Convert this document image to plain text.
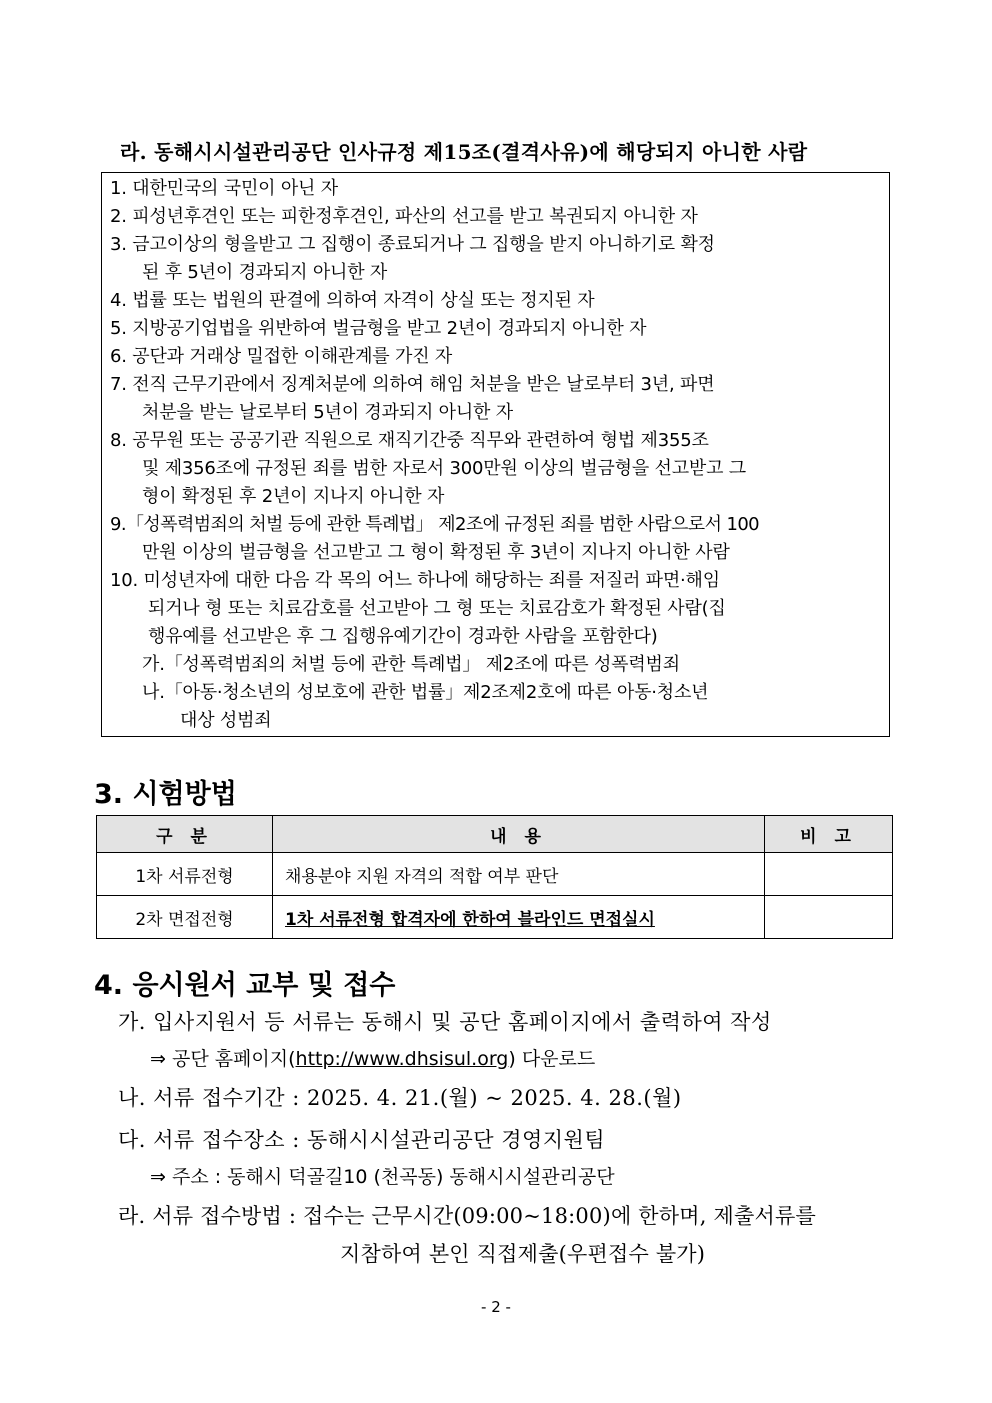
라. 동해시시설관리공단 인사규정 제15조(결격사유)에 해당되지 아니한 사람
1. 대한민국의 국민이 아닌 자
2. 피성년후견인 또는 피한정후견인, 파산의 선고를 받고 복권되지 아니한 자
3. 금고이상의 형을받고 그 집행이 종료되거나 그 집행을 받지 아니하기로 확정
된 후 5년이 경과되지 아니한 자
4. 법률 또는 법원의 판결에 의하여 자격이 상실 또는 정지된 자
5. 지방공기업법을 위반하여 벌금형을 받고 2년이 경과되지 아니한 자
6. 공단과 거래상 밀접한 이해관계를 가진 자
7. 전직 근무기관에서 징계처분에 의하여 해임 처분을 받은 날로부터 3년, 파면
처분을 받는 날로부터 5년이 경과되지 아니한 자
8. 공무원 또는 공공기관 직원으로 재직기간중 직무와 관련하여 형법 제355조
및 제356조에 규정된 죄를 범한 자로서 300만원 이상의 벌금형을 선고받고 그
형이 확정된 후 2년이 지나지 아니한 자
9.「성폭력범죄의 처벌 등에 관한 특례법」 제2조에 규정된 죄를 범한 사람으로서 100
만원 이상의 벌금형을 선고받고 그 형이 확정된 후 3년이 지나지 아니한 사람
10. 미성년자에 대한 다음 각 목의 어느 하나에 해당하는 죄를 저질러 파면·해임
되거나 형 또는 치료감호를 선고받아 그 형 또는 치료감호가 확정된 사람(집
행유예를 선고받은 후 그 집행유예기간이 경과한 사람을 포함한다)
가.「성폭력범죄의 처벌 등에 관한 특례법」 제2조에 따른 성폭력범죄
나.「아동·청소년의 성보호에 관한 법률」제2조제2호에 따른 아동·청소년
대상 성범죄
3. 시험방법
구 분	내 용	비 고
1차 서류전형	채용분야 지원 자격의 적합 여부 판단	
2차 면접전형	1차 서류전형 합격자에 한하여 블라인드 면접실시	
4. 응시원서 교부 및 접수
가. 입사지원서 등 서류는 동해시 및 공단 홈페이지에서 출력하여 작성
⇒ 공단 홈페이지(http://www.dhsisul.org) 다운로드
나. 서류 접수기간 : 2025. 4. 21.(월) ~ 2025. 4. 28.(월)
다. 서류 접수장소 : 동해시시설관리공단 경영지원팀
⇒ 주소 : 동해시 덕골길10 (천곡동) 동해시시설관리공단
라. 서류 접수방법 : 접수는 근무시간(09:00~18:00)에 한하며, 제출서류를
지참하여 본인 직접제출(우편접수 불가)
- 2 -
